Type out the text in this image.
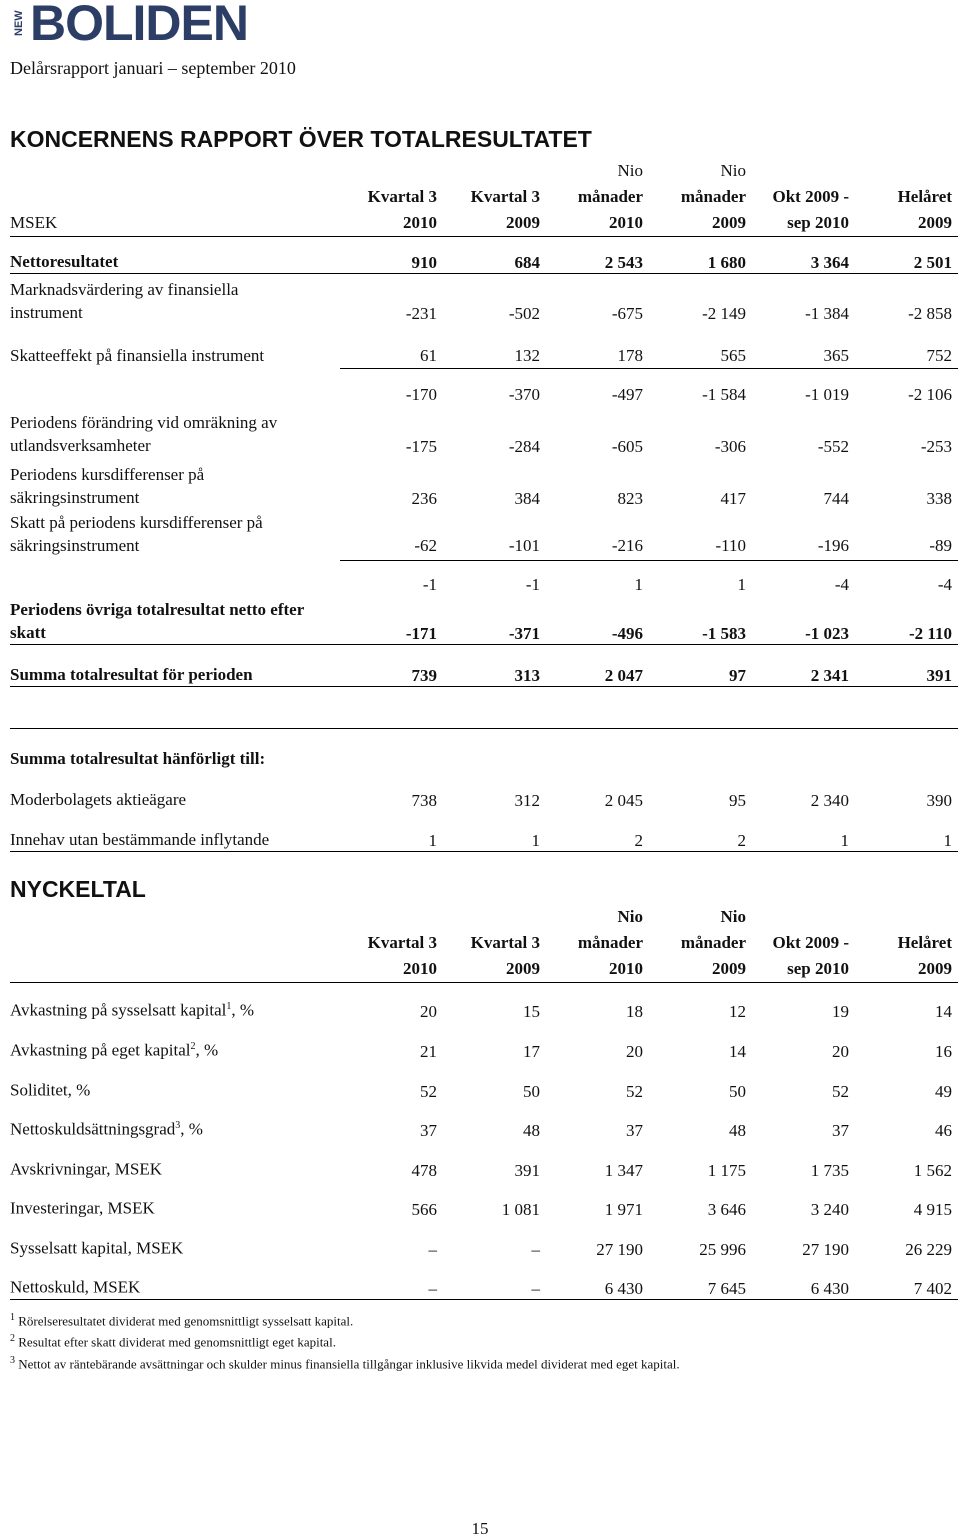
NEW BOLIDEN
Delårsrapport januari – september 2010
KONCERNENS RAPPORT ÖVER TOTALRESULTATET
			Nio	Nio		
	Kvartal 3	Kvartal 3	månader	månader	Okt 2009 -	Helåret
MSEK	2010	2009	2010	2009	sep 2010	2009
Nettoresultatet	910	684	2 543	1 680	3 364	2 501
Marknadsvärdering av finansiella instrument	-231	-502	-675	-2 149	-1 384	-2 858
Skatteeffekt på finansiella instrument	61	132	178	565	365	752
	-170	-370	-497	-1 584	-1 019	-2 106
Periodens förändring vid omräkning av utlandsverksamheter	-175	-284	-605	-306	-552	-253
Periodens kursdifferenser på säkringsinstrument	236	384	823	417	744	338
Skatt på periodens kursdifferenser på säkringsinstrument	-62	-101	-216	-110	-196	-89
	-1	-1	1	1	-4	-4
Periodens övriga totalresultat netto efter skatt	-171	-371	-496	-1 583	-1 023	-2 110
Summa totalresultat för perioden	739	313	2 047	97	2 341	391

Summa totalresultat hänförligt till:						
Moderbolagets aktieägare	738	312	2 045	95	2 340	390
Innehav utan bestämmande inflytande	1	1	2	2	1	1
NYCKELTAL
			Nio	Nio		
	Kvartal 3	Kvartal 3	månader	månader	Okt 2009 -	Helåret
	2010	2009	2010	2009	sep 2010	2009
Avkastning på sysselsatt kapital$^1$, %	20	15	18	12	19	14
Avkastning på eget kapital$^2$, %	21	17	20	14	20	16
Soliditet, %	52	50	52	50	52	49
Nettoskuldsättningsgrad$^3$, %	37	48	37	48	37	46
Avskrivningar, MSEK	478	391	1 347	1 175	1 735	1 562
Investeringar, MSEK	566	1 081	1 971	3 646	3 240	4 915
Sysselsatt kapital, MSEK	–	–	27 190	25 996	27 190	26 229
Nettoskuld, MSEK	–	–	6 430	7 645	6 430	7 402
$^1$ Rörelseresultatet dividerat med genomsnittligt sysselsatt kapital.
$^2$ Resultat efter skatt dividerat med genomsnittligt eget kapital.
$^3$ Nettot av räntebärande avsättningar och skulder minus finansiella tillgångar inklusive likvida medel dividerat med eget kapital.
15
